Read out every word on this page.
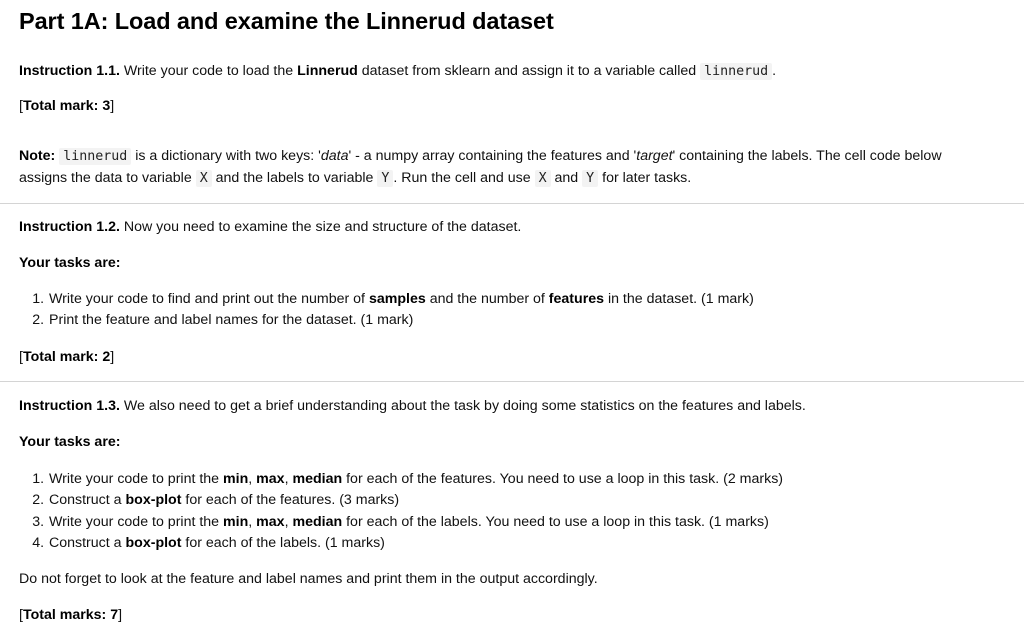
Part 1A: Load and examine the Linnerud dataset

Instruction 1.1. Write your code to load the Linnerud dataset from sklearn and assign it to a variable called linnerud .

[Total mark: 3]

Note: linnerud is a dictionary with two keys: 'data' - a numpy array containing the features and 'target' containing the labels. The cell code below

assigns the data to variable X and the labels to variable Y . Run the cell and use X and Y for later tasks.

Instruction 1.2. Now you need to examine the size and structure of the dataset.

Your tasks are:

1. Write your code to find and print out the number of samples and the number of features in the dataset. (1 mark)
2. Print the feature and label names for the dataset. (1 mark)

[Total mark: 2]

Instruction 1.3. We also need to get a brief understanding about the task by doing some statistics on the features and labels.

Your tasks are:

1. Write your code to print the min, max, median for each of the features. You need to use a loop in this task. (2 marks)
2. Construct a box-plot for each of the features. (3 marks)
3. Write your code to print the min, max, median for each of the labels. You need to use a loop in this task. (1 marks)
4. Construct a box-plot for each of the labels. (1 marks)

Do not forget to look at the feature and label names and print them in the output accordingly.

[Total marks: 7]
